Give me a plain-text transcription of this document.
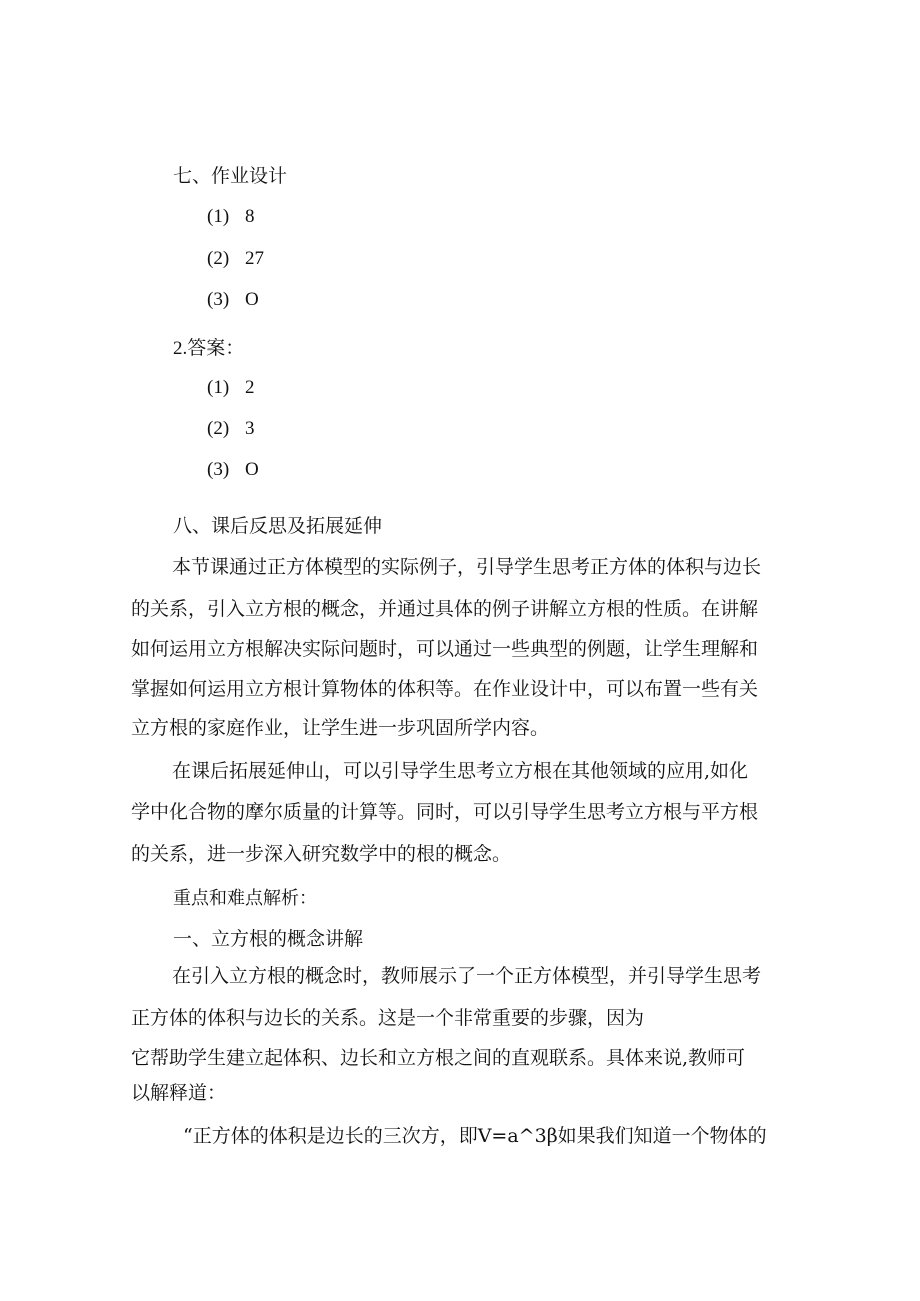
七、作业设计
(1) 8
(2) 27
(3) O
2.答案：
(1) 2
(2) 3
(3) O
八、课后反思及拓展延伸
本节课通过正方体模型的实际例子，引导学生思考正方体的体积与边长
的关系，引入立方根的概念，并通过具体的例子讲解立方根的性质。在讲解
如何运用立方根解决实际问题时，可以通过一些典型的例题，让学生理解和
掌握如何运用立方根计算物体的体积等。在作业设计中，可以布置一些有关
立方根的家庭作业，让学生进一步巩固所学内容。
在课后拓展延伸山，可以引导学生思考立方根在其他领域的应用,如化
学中化合物的摩尔质量的计算等。同时，可以引导学生思考立方根与平方根
的关系，进一步深入研究数学中的根的概念。
重点和难点解析：
一、立方根的概念讲解
在引入立方根的概念时，教师展示了一个正方体模型，并引导学生思考
正方体的体积与边长的关系。这是一个非常重要的步骤，因为
它帮助学生建立起体积、边长和立方根之间的直观联系。具体来说,教师可
以解释道：
“正方体的体积是边长的三次方，即V=a^3β如果我们知道一个物体的
